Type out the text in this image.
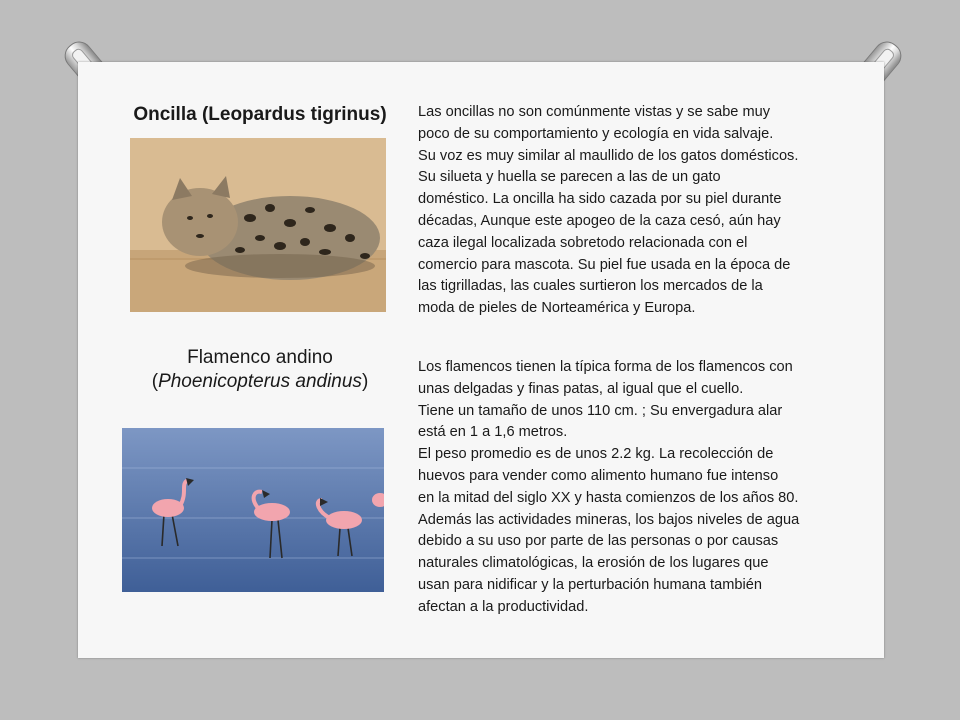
Oncilla (Leopardus tigrinus)	Las oncillas no son comúnmente vistas y se sabe muy
poco de su comportamiento y ecología en vida salvaje.
Su voz es muy similar al maullido de los gatos domésticos.
Su silueta y huella se parecen a las de un gato
doméstico. La oncilla ha sido cazada por su piel durante
décadas, Aunque este apogeo de la caza cesó, aún hay
caza ilegal localizada sobretodo relacionada con el
comercio para mascota. Su piel fue usada en la época de
las tigrilladas, las cuales surtieron los mercados de la
moda de pieles de Norteamérica y Europa.
Flamenco andino
(Phoenicopterus andinus)
Los flamencos tienen la típica forma de los flamencos con
unas delgadas y finas patas, al igual que el cuello.
Tiene un tamaño de unos 110 cm. ; Su envergadura alar
está en 1 a 1,6 metros.
El peso promedio es de unos 2.2 kg. La recolección de
huevos para vender como alimento humano fue intenso
en la mitad del siglo XX y hasta comienzos de los años 80.
Además las actividades mineras, los bajos niveles de agua
debido a su uso por parte de las personas o por causas
naturales climatológicas, la erosión de los lugares que
usan para nidificar y la perturbación humana también
afectan a la productividad.
